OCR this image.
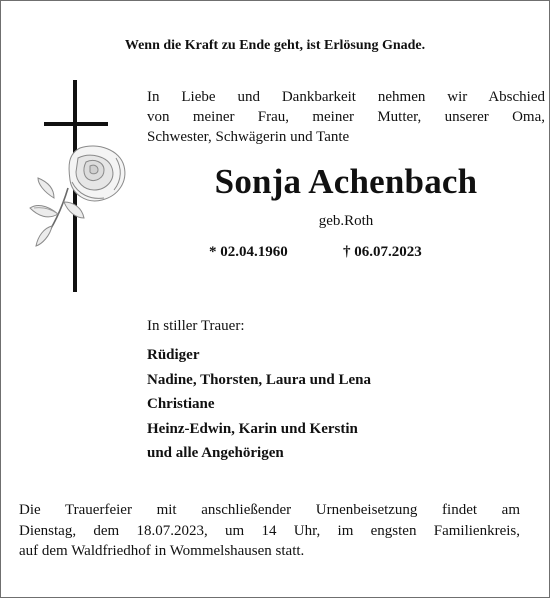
Wenn die Kraft zu Ende geht, ist Erlösung Gnade.
In Liebe und Dankbarkeit nehmen wir Abschied
von meiner Frau, meiner Mutter, unserer Oma,
Schwester, Schwägerin und Tante
Sonja Achenbach
geb.Roth
* 02.04.1960	† 06.07.2023
In stiller Trauer:
Rüdiger
Nadine, Thorsten, Laura und Lena
Christiane
Heinz-Edwin, Karin und Kerstin
und alle Angehörigen
Die Trauerfeier mit anschließender Urnenbeisetzung findet am
Dienstag, dem 18.07.2023, um 14 Uhr, im engsten Familienkreis,
auf dem Waldfriedhof in Wommelshausen statt.
